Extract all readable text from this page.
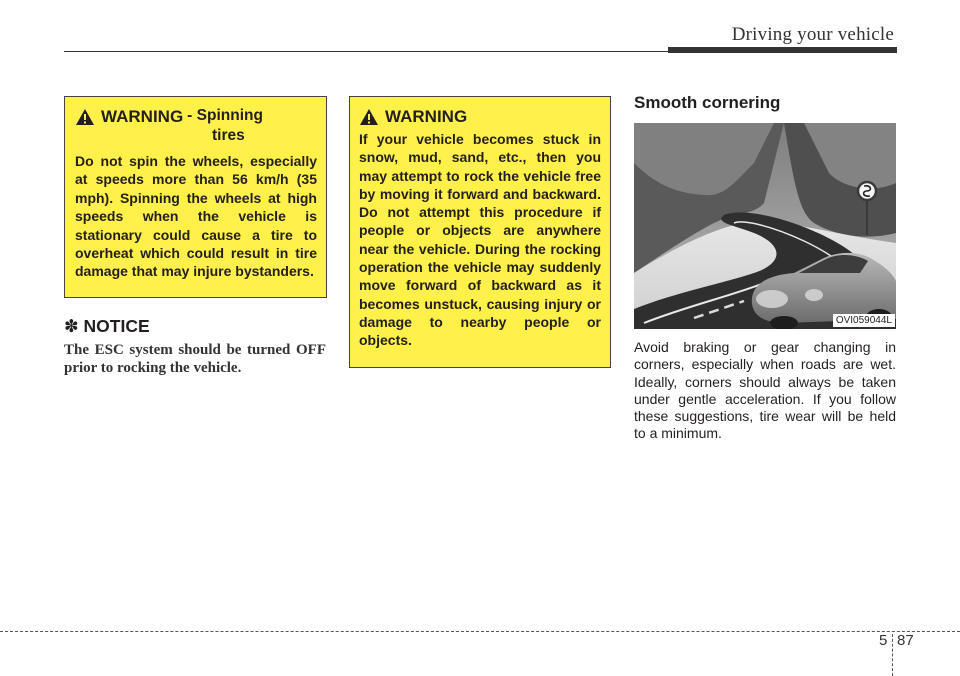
Driving your vehicle
WARNING - Spinning
tires
Do not spin the wheels, especially at speeds more than 56 km/h (35 mph). Spinning the wheels at high speeds when the vehicle is stationary could cause a tire to overheat which could result in tire damage that may injure bystanders.
✽ NOTICE
The ESC system should be turned OFF prior to rocking the vehicle.
WARNING
If your vehicle becomes stuck in snow, mud, sand, etc., then you may attempt to rock the vehicle free by moving it forward and backward. Do not attempt this procedure if people or objects are anywhere near the vehicle. During the rocking operation the vehicle may suddenly move forward of backward as it becomes unstuck, causing injury or damage to nearby people or objects.
Smooth cornering
OVI059044L
Avoid braking or gear changing in corners, especially when roads are wet. Ideally, corners should always be taken under gentle acceleration. If you follow these suggestions, tire wear will be held to a minimum.
5 87
